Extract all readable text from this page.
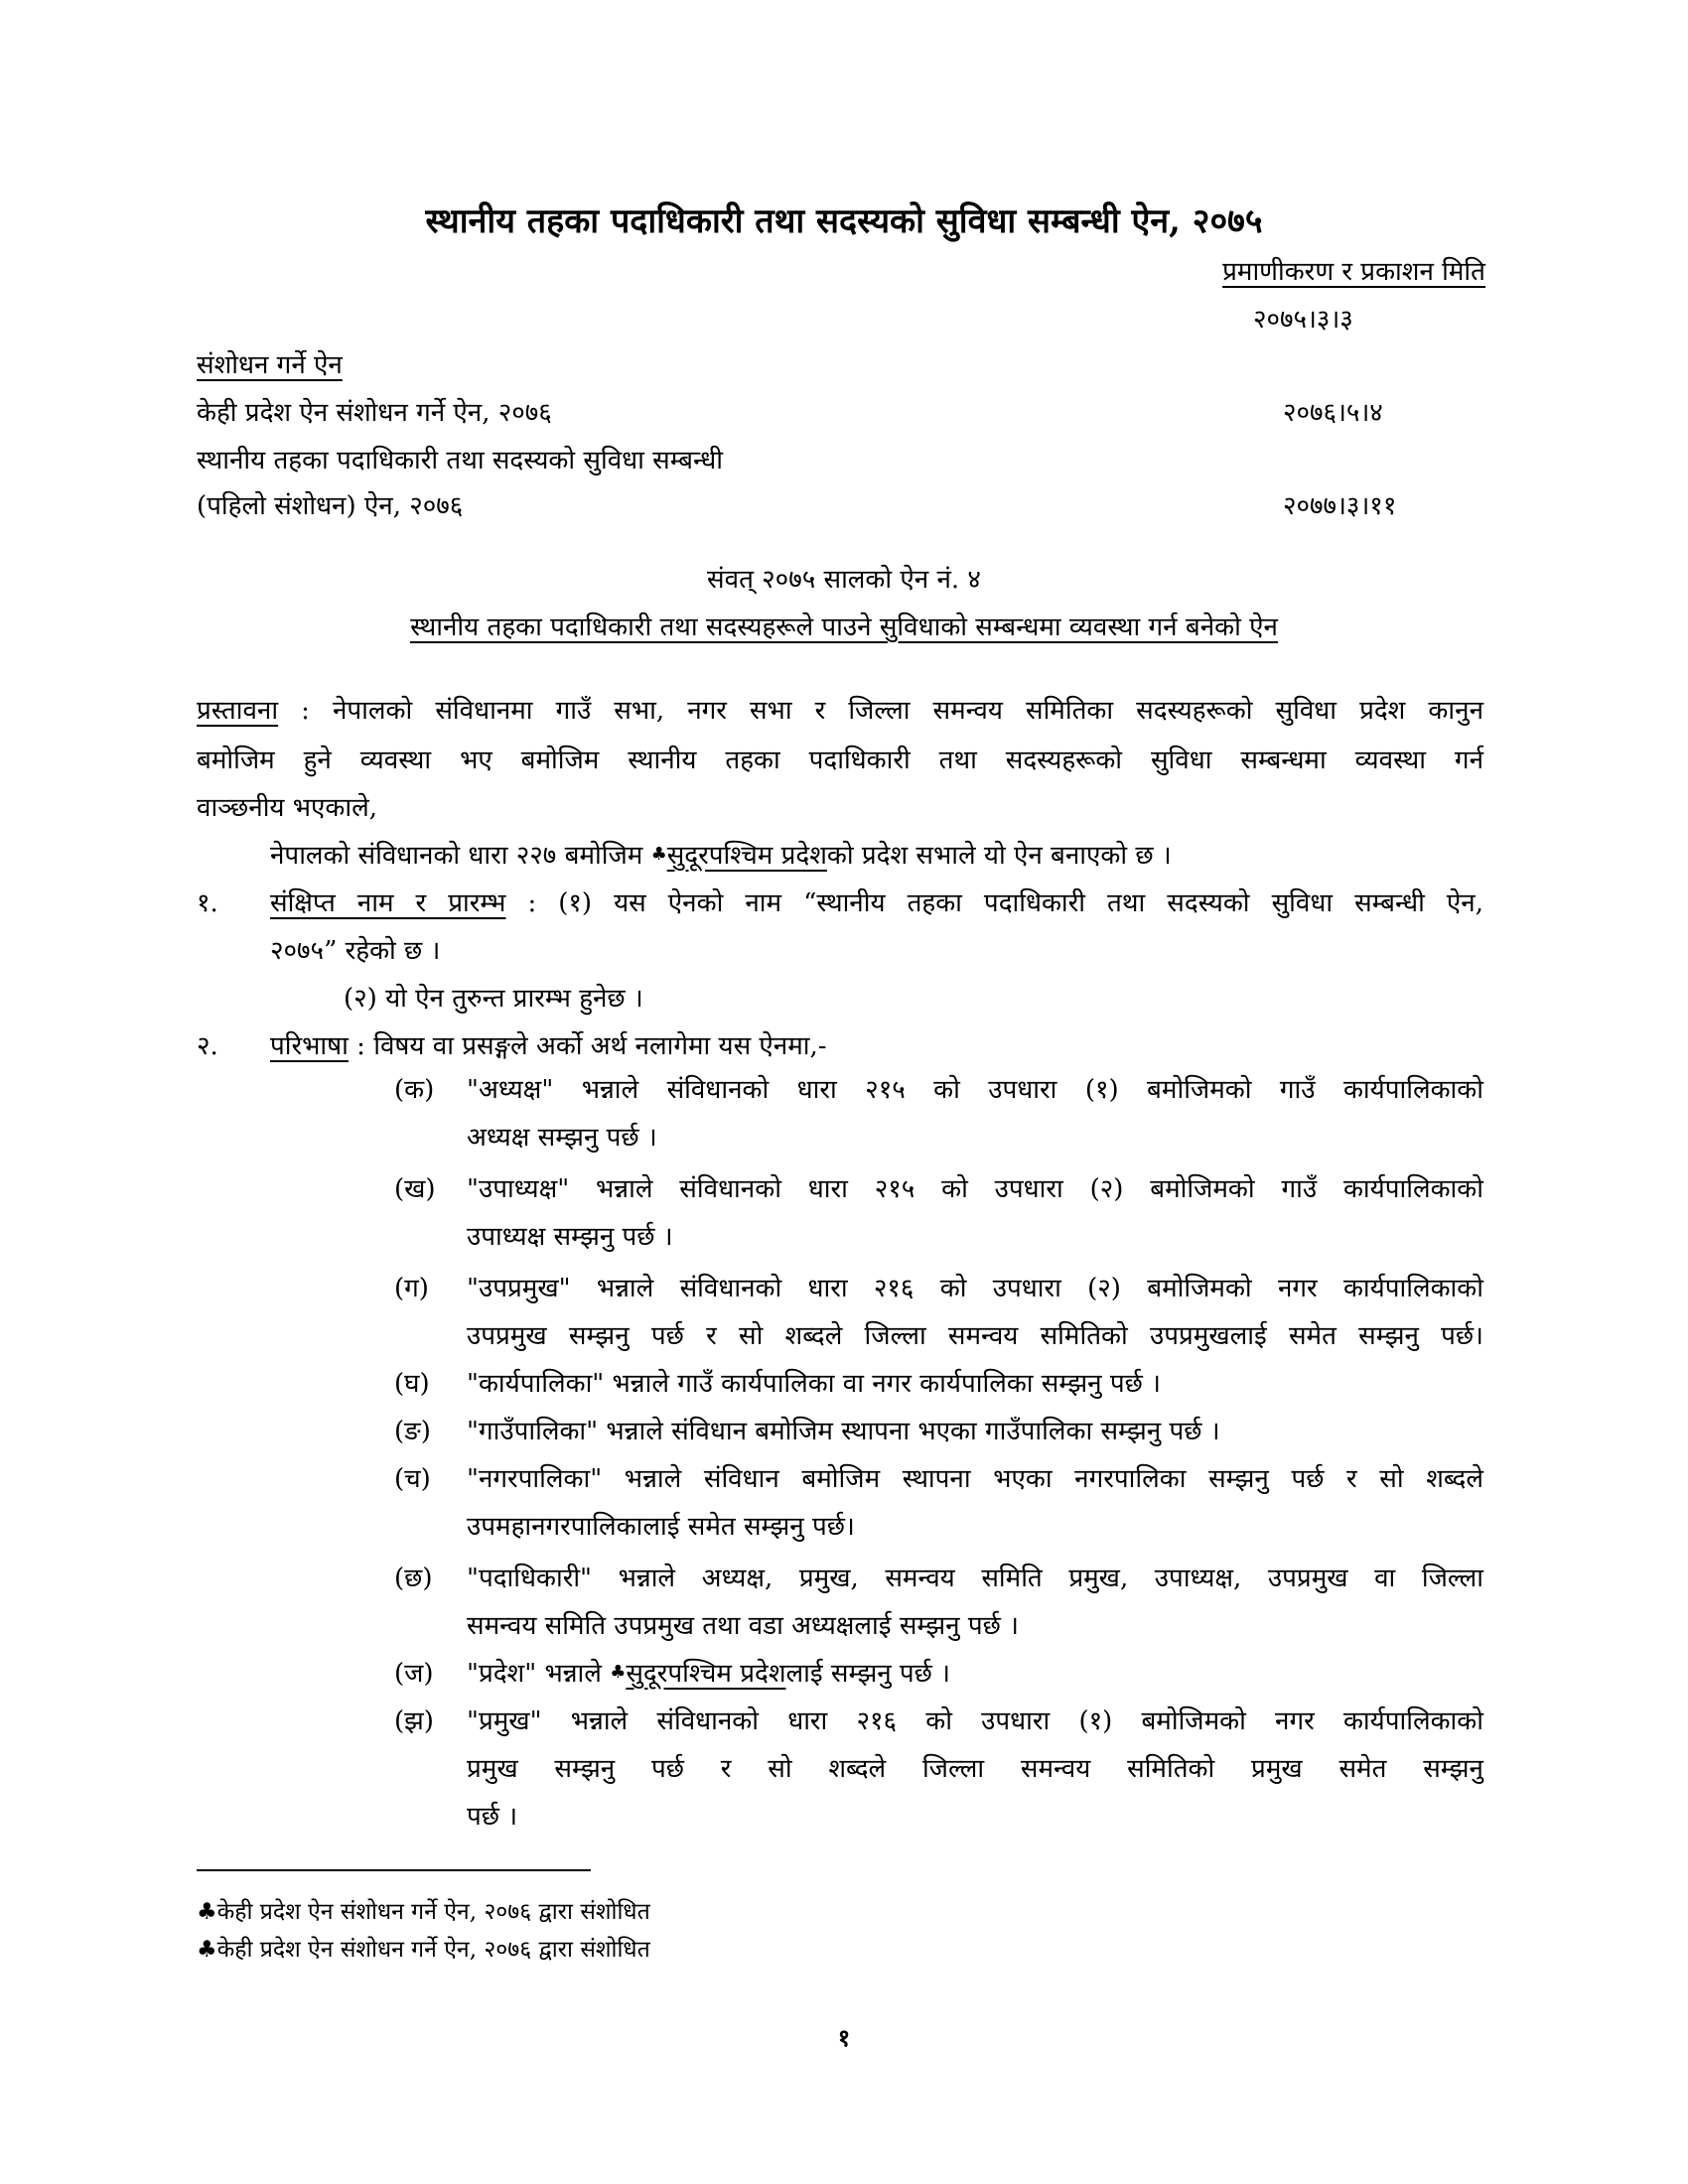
स्थानीय तहका पदाधिकारी तथा सदस्यको सुविधा सम्बन्धी ऐन, २०७५
प्रमाणीकरण र प्रकाशन मिति
२०७५।३।३
संशोधन गर्ने ऐन
केही प्रदेश ऐन संशोधन गर्ने ऐन, २०७६	२०७६।५।४
स्थानीय तहका पदाधिकारी तथा सदस्यको सुविधा सम्बन्धी
(पहिलो संशोधन) ऐन, २०७६	२०७७।३।११
संवत् २०७५ सालको ऐन नं. ४
स्थानीय तहका पदाधिकारी तथा सदस्यहरूले पाउने सुविधाको सम्बन्धमा व्यवस्था गर्न बनेको ऐन
प्रस्तावना : नेपालको संविधानमा गाउँ सभा, नगर सभा र जिल्ला समन्वय समितिका सदस्यहरूको सुविधा प्रदेश कानुन
बमोजिम हुने व्यवस्था भए बमोजिम स्थानीय तहका पदाधिकारी तथा सदस्यहरूको सुविधा सम्बन्धमा व्यवस्था गर्न
वाञ्छनीय भएकाले,
नेपालको संविधानको धारा २२७ बमोजिम ♣सुदूरपश्चिम प्रदेशको प्रदेश सभाले यो ऐन बनाएको छ ।
१. संक्षिप्त नाम र प्रारम्भ : (१) यस ऐनको नाम “स्थानीय तहका पदाधिकारी तथा सदस्यको सुविधा सम्बन्धी ऐन,
२०७५” रहेको छ ।
(२) यो ऐन तुरुन्त प्रारम्भ हुनेछ ।
२. परिभाषा : विषय वा प्रसङ्गले अर्को अर्थ नलागेमा यस ऐनमा,-
(क) "अध्यक्ष" भन्नाले संविधानको धारा २१५ को उपधारा (१) बमोजिमको गाउँ कार्यपालिकाको
अध्यक्ष सम्झनु पर्छ ।
(ख) "उपाध्यक्ष" भन्नाले संविधानको धारा २१५ को उपधारा (२) बमोजिमको गाउँ कार्यपालिकाको
उपाध्यक्ष सम्झनु पर्छ ।
(ग) "उपप्रमुख" भन्नाले संविधानको धारा २१६ को उपधारा (२) बमोजिमको नगर कार्यपालिकाको
उपप्रमुख सम्झनु पर्छ र सो शब्दले जिल्ला समन्वय समितिको उपप्रमुखलाई समेत सम्झनु पर्छ।
(घ) "कार्यपालिका" भन्नाले गाउँ कार्यपालिका वा नगर कार्यपालिका सम्झनु पर्छ ।
(ङ) "गाउँपालिका" भन्नाले संविधान बमोजिम स्थापना भएका गाउँपालिका सम्झनु पर्छ ।
(च) "नगरपालिका" भन्नाले संविधान बमोजिम स्थापना भएका नगरपालिका सम्झनु पर्छ र सो शब्दले
उपमहानगरपालिकालाई समेत सम्झनु पर्छ।
(छ) "पदाधिकारी" भन्नाले अध्यक्ष, प्रमुख, समन्वय समिति प्रमुख, उपाध्यक्ष, उपप्रमुख वा जिल्ला
समन्वय समिति उपप्रमुख तथा वडा अध्यक्षलाई सम्झनु पर्छ ।
(ज) "प्रदेश" भन्नाले ♣सुदूरपश्चिम प्रदेशलाई सम्झनु पर्छ ।
(झ) "प्रमुख" भन्नाले संविधानको धारा २१६ को उपधारा (१) बमोजिमको नगर कार्यपालिकाको
प्रमुख सम्झनु पर्छ र सो शब्दले जिल्ला समन्वय समितिको प्रमुख समेत सम्झनु
पर्छ ।
♣केही प्रदेश ऐन संशोधन गर्ने ऐन, २०७६ द्वारा संशोधित
♣केही प्रदेश ऐन संशोधन गर्ने ऐन, २०७६ द्वारा संशोधित
१
